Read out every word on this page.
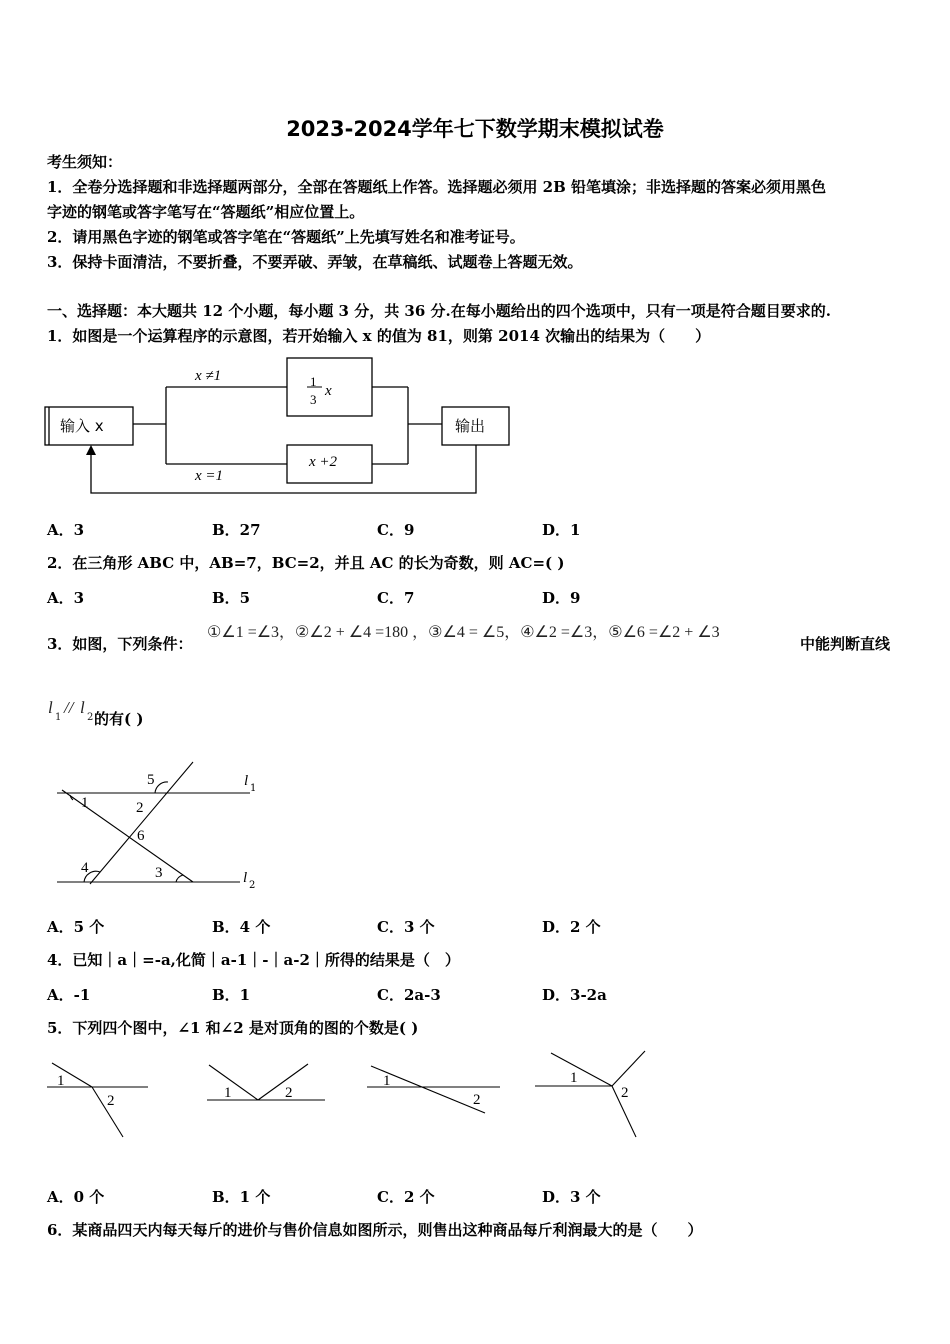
2023-2024学年七下数学期末模拟试卷
考生须知：
1．全卷分选择题和非选择题两部分，全部在答题纸上作答。选择题必须用 2B 铅笔填涂；非选择题的答案必须用黑色
字迹的钢笔或答字笔写在“答题纸”相应位置上。
2．请用黑色字迹的钢笔或答字笔在“答题纸”上先填写姓名和准考证号。
3．保持卡面清洁，不要折叠，不要弄破、弄皱，在草稿纸、试题卷上答题无效。
一、选择题：本大题共 12 个小题，每小题 3 分，共 36 分.在每小题给出的四个选项中，只有一项是符合题目要求的.
1．如图是一个运算程序的示意图，若开始输入 x 的值为 81，则第 2014 次输出的结果为（　　）
输入 x	输出
x ≠1
x =1
x +2
1
3
x
A．3	B．27	C．9	D．1
2．在三角形 ABC 中，AB=7，BC=2，并且 AC 的长为奇数，则 AC=( )
A．3	B．5	C．7	D．9
3．如图，下列条件：
①∠1 =∠3，②∠2 + ∠4 =180 ，③∠4 = ∠5，④∠2 =∠3，⑤∠6 =∠2 + ∠3
中能判断直线
l
1
// l
2 的有( )
5
1	2
6
4	3
l 1
l 2
A．5 个	B．4 个	C．3 个	D．2 个
4．已知｜a｜=-a,化简｜a-1｜-｜a-2｜所得的结果是（　）
A．-1	B．1	C．2a-3	D．3-2a
5．下列四个图中，∠1 和∠2 是对顶角的图的个数是( )
1
2	1	2
1
2
1
2
A．0 个	B．1 个	C．2 个	D．3 个
6．某商品四天内每天每斤的进价与售价信息如图所示，则售出这种商品每斤利润最大的是（　　）
